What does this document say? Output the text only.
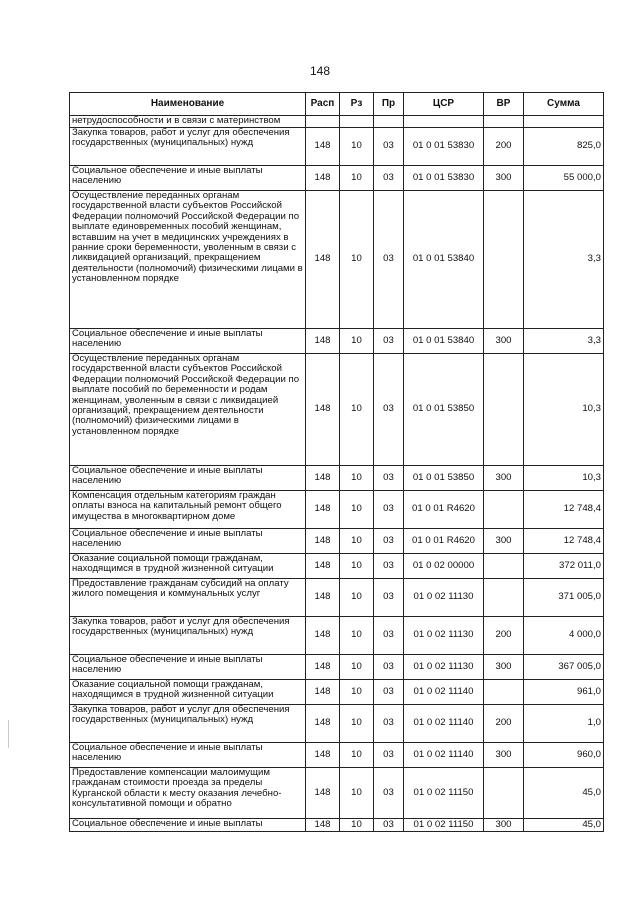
148
Наименование	Расп	Рз	Пр	ЦСР	ВР	Сумма
нетрудоспособности и в связи с материнством						
Закупка товаров, работ и услуг для обеспечения государственных (муниципальных) нужд	148	10	03	01 0 01 53830	200	825,0
Социальное обеспечение и иные выплаты населению	148	10	03	01 0 01 53830	300	55 000,0
Осуществление переданных органам государственной власти субъектов Российской Федерации полномочий Российской Федерации по выплате единовременных пособий женщинам, вставшим на учет в медицинских учреждениях в ранние сроки беременности, уволенным в связи с ликвидацией организаций, прекращением деятельности (полномочий) физическими лицами в установленном порядке	148	10	03	01 0 01 53840		3,3
Социальное обеспечение и иные выплаты населению	148	10	03	01 0 01 53840	300	3,3
Осуществление переданных органам государственной власти субъектов Российской Федерации полномочий Российской Федерации по выплате пособий по беременности и родам женщинам, уволенным в связи с ликвидацией организаций, прекращением деятельности (полномочий) физическими лицами в установленном порядке	148	10	03	01 0 01 53850		10,3
Социальное обеспечение и иные выплаты населению	148	10	03	01 0 01 53850	300	10,3
Компенсация отдельным категориям граждан оплаты взноса на капитальный ремонт общего имущества в многоквартирном доме	148	10	03	01 0 01 R4620		12 748,4
Социальное обеспечение и иные выплаты населению	148	10	03	01 0 01 R4620	300	12 748,4
Оказание социальной помощи гражданам, находящимся в трудной жизненной ситуации	148	10	03	01 0 02 00000		372 011,0
Предоставление гражданам субсидий на оплату жилого помещения и коммунальных услуг	148	10	03	01 0 02 11130		371 005,0
Закупка товаров, работ и услуг для обеспечения государственных (муниципальных) нужд	148	10	03	01 0 02 11130	200	4 000,0
Социальное обеспечение и иные выплаты населению	148	10	03	01 0 02 11130	300	367 005,0
Оказание социальной помощи гражданам, находящимся в трудной жизненной ситуации	148	10	03	01 0 02 11140		961,0
Закупка товаров, работ и услуг для обеспечения государственных (муниципальных) нужд	148	10	03	01 0 02 11140	200	1,0
Социальное обеспечение и иные выплаты населению	148	10	03	01 0 02 11140	300	960,0
Предоставление компенсации малоимущим гражданам стоимости проезда за пределы Курганской области к месту оказания лечебно-консультативной помощи и обратно	148	10	03	01 0 02 11150		45,0
Социальное обеспечение и иные выплаты	148	10	03	01 0 02 11150	300	45,0
